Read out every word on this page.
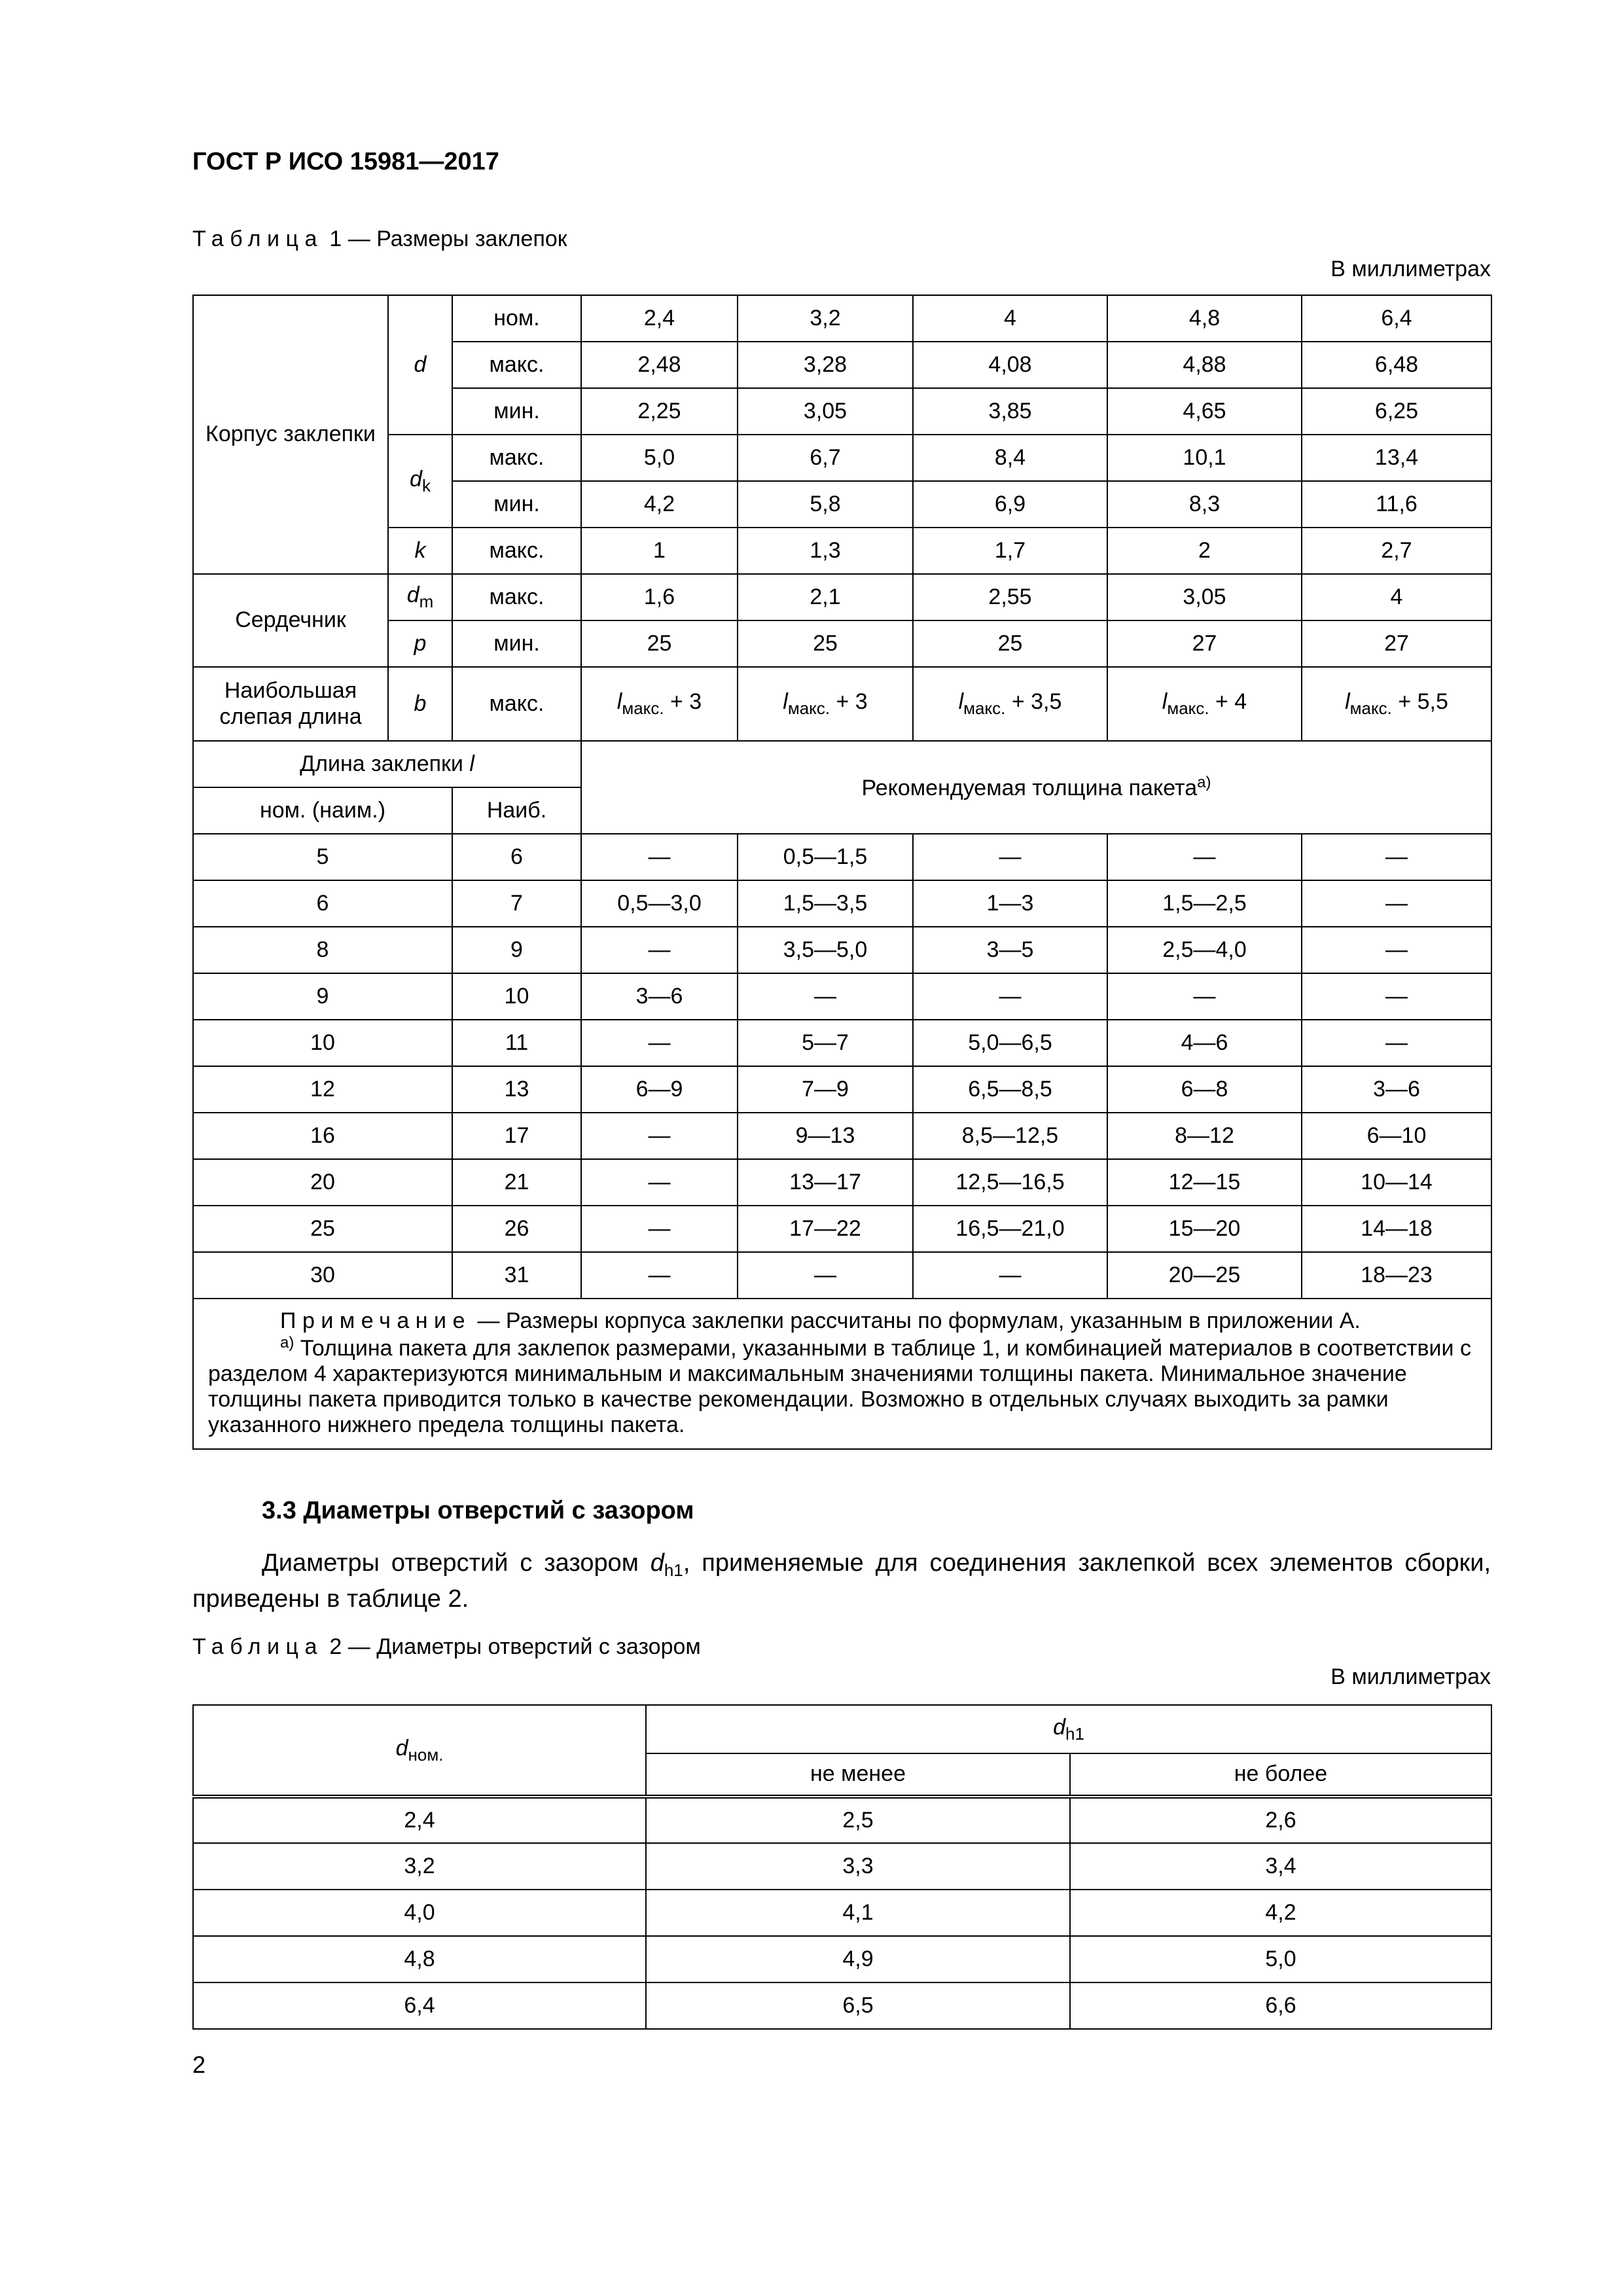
ГОСТ Р ИСО 15981—2017
Таблица 1 — Размеры заклепок
В миллиметрах
Корпус заклепки	d	ном.	2,4	3,2	4	4,8	6,4
		макс.	2,48	3,28	4,08	4,88	6,48
		мин.	2,25	3,05	3,85	4,65	6,25
	$d_k$	макс.	5,0	6,7	8,4	10,1	13,4
		мин.	4,2	5,8	6,9	8,3	11,6
	k	макс.	1	1,3	1,7	2	2,7
Сердечник	$d_m$	макс.	1,6	2,1	2,55	3,05	4
	p	мин.	25	25	25	27	27
Наибольшая слепая длина	b	макс.	$l_{макс.} + 3$	$l_{макс.} + 3$	$l_{макс.} + 3,5$	$l_{макс.} + 4$	$l_{макс.} + 5,5$
Длина заклепки l			Рекомендуемая толщина пакета$^{а)}$
ном. (наим.)		Наиб.					
5		6	—	0,5—1,5	—	—	—
6		7	0,5—3,0	1,5—3,5	1—3	1,5—2,5	—
8		9	—	3,5—5,0	3—5	2,5—4,0	—
9		10	3—6	—	—	—	—
10		11	—	5—7	5,0—6,5	4—6	—
12		13	6—9	7—9	6,5—8,5	6—8	3—6
16		17	—	9—13	8,5—12,5	8—12	6—10
20		21	—	13—17	12,5—16,5	12—15	10—14
25		26	—	17—22	16,5—21,0	15—20	14—18
30		31	—	—	—	20—25	18—23

Примечание — Размеры корпуса заклепки рассчитаны по формулам, указанным в приложении А.
$^{а)}$ Толщина пакета для заклепок размерами, указанными в таблице 1, и комбинацией материалов в соответствии с разделом 4 характеризуются минимальным и максимальным значениями толщины пакета. Минимальное значение толщины пакета приводится только в качестве рекомендации. Возможно в отдельных случаях выходить за рамки указанного нижнего предела толщины пакета.							
3.3 Диаметры отверстий с зазором
Диаметры отверстий с зазором $d_{h1}$, применяемые для соединения заклепкой всех элементов сборки, приведены в таблице 2.
Таблица 2 — Диаметры отверстий с зазором
В миллиметрах
$d_{ном.}$	$d_{h1}$
	не менее	не более
2,4	2,5	2,6
3,2	3,3	3,4
4,0	4,1	4,2
4,8	4,9	5,0
6,4	6,5	6,6
2
